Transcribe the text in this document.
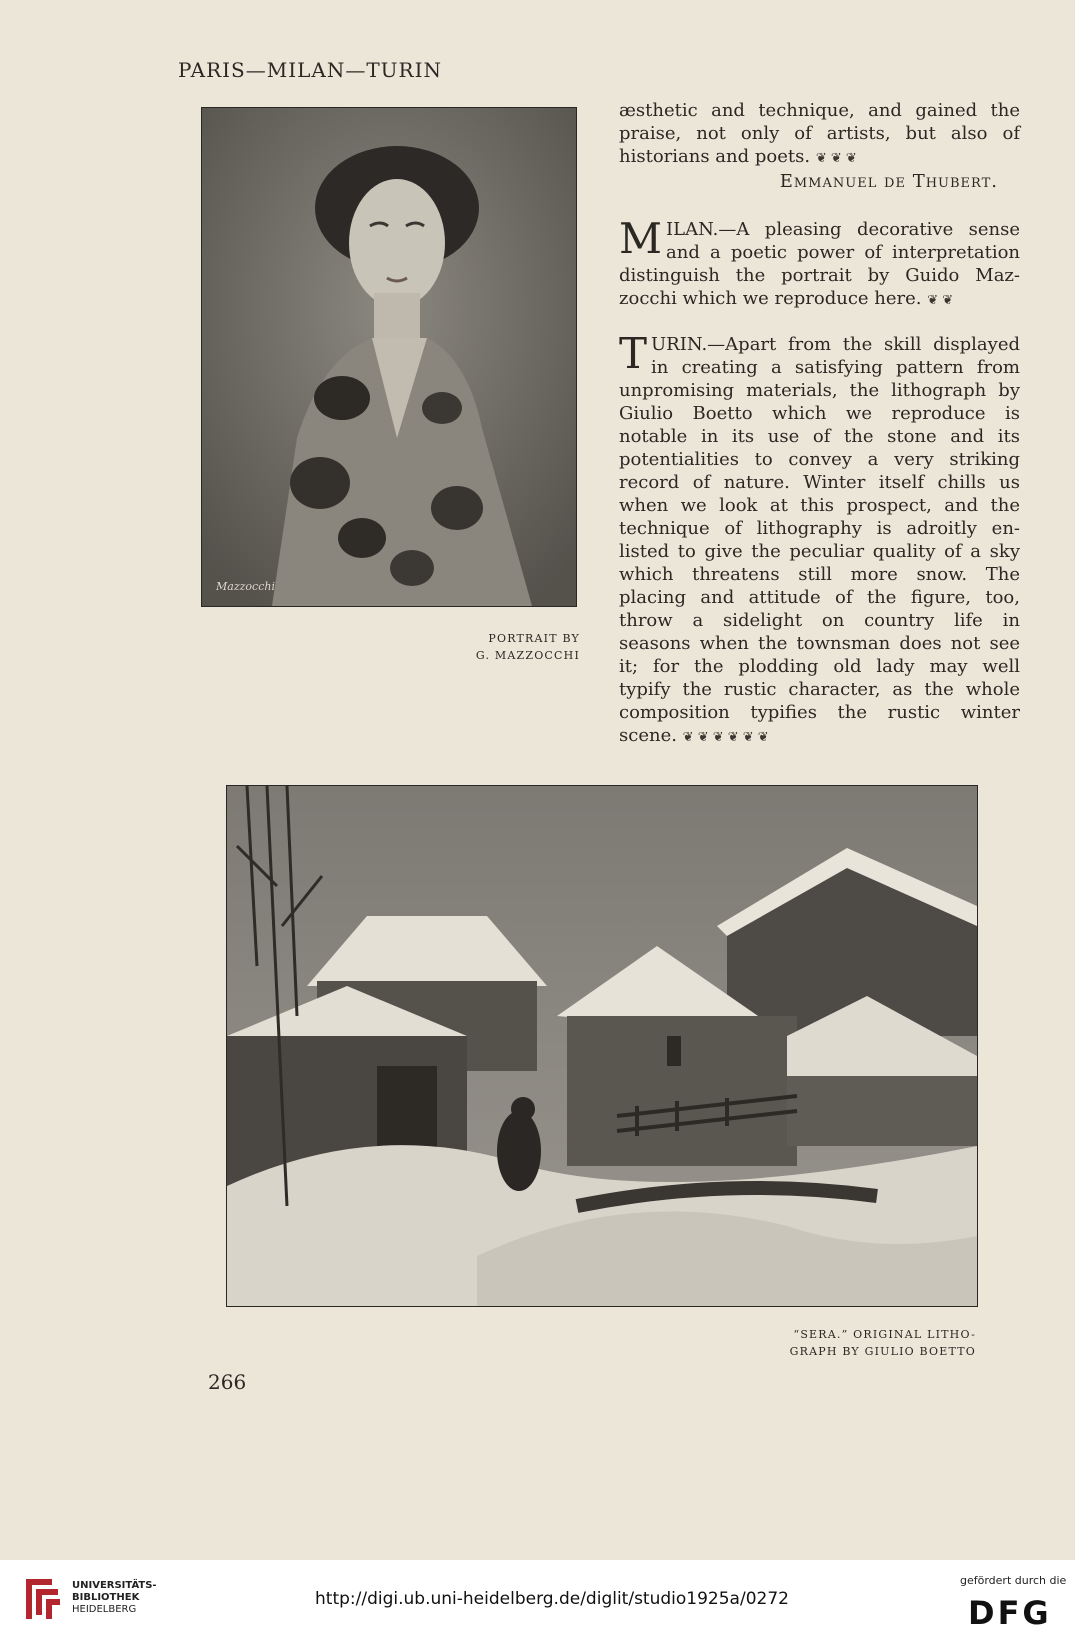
PARIS—MILAN—TURIN
Mazzocchi
PORTRAIT BY
G. MAZZOCCHI

æsthetic and technique, and gained the

praise, not only of artists, but also of

historians and poets. ❦ ❦ ❦

Emmanuel de Thubert.

M ILAN.—A pleasing decorative sense

and a poetic power of interpretation

distinguish the portrait by Guido Maz-

zocchi which we reproduce here. ❦ ❦

T URIN.—Apart from the skill displayed

in creating a satisfying pattern from

unpromising materials, the lithograph by

Giulio Boetto which we reproduce is

notable in its use of the stone and its

potentialities to convey a very striking

record of nature. Winter itself chills us

when we look at this prospect, and the

technique of lithography is adroitly en-

listed to give the peculiar quality of a sky

which threatens still more snow. The

placing and attitude of the figure, too,

throw a sidelight on country life in

seasons when the townsman does not see

it; for the plodding old lady may well

typify the rustic character, as the whole

composition typifies the rustic winter

scene. ❦ ❦ ❦ ❦ ❦ ❦

“SERA.” ORIGINAL LITHO-
GRAPH BY GIULIO BOETTO
266
UNIVERSITÄTS-
BIBLIOTHEK
HEIDELBERG
http://digi.ub.uni-heidelberg.de/diglit/studio1925a/0272
gefördert durch die
DFG
